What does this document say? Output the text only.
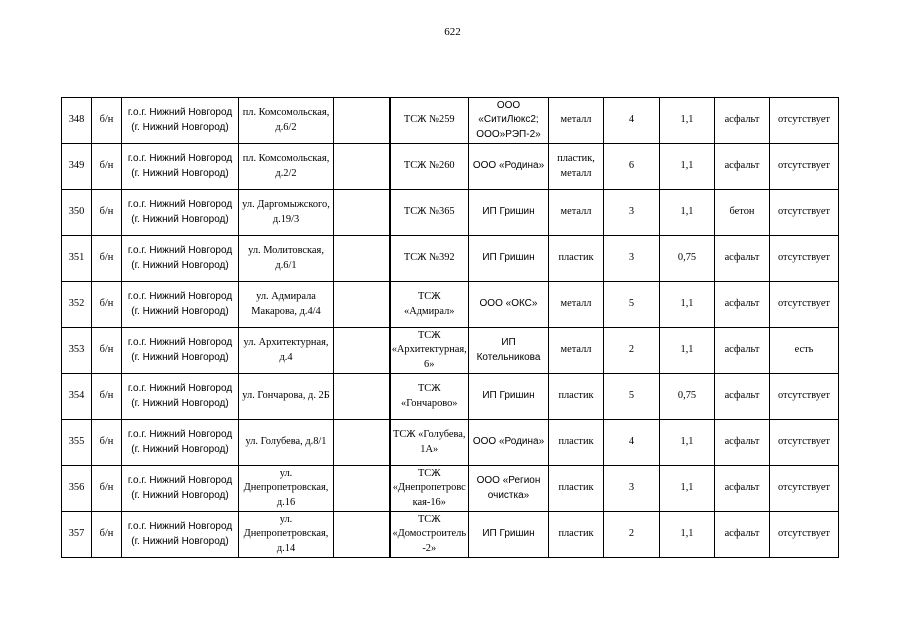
622
348	б/н	г.о.г. Нижний Новгород (г. Нижний Новгород)	пл. Комсомольская, д.6/2		ТСЖ №259	ООО «СитиЛюкс2; ООО»РЭП-2»	металл	4	1,1	асфальт	отсутствует
349	б/н	г.о.г. Нижний Новгород (г. Нижний Новгород)	пл. Комсомольская, д.2/2		ТСЖ №260	ООО «Родина»	пластик, металл	6	1,1	асфальт	отсутствует
350	б/н	г.о.г. Нижний Новгород (г. Нижний Новгород)	ул. Даргомыжского, д.19/3		ТСЖ №365	ИП Гришин	металл	3	1,1	бетон	отсутствует
351	б/н	г.о.г. Нижний Новгород (г. Нижний Новгород)	ул. Молитовская, д.6/1		ТСЖ №392	ИП Гришин	пластик	3	0,75	асфальт	отсутствует
352	б/н	г.о.г. Нижний Новгород (г. Нижний Новгород)	ул. Адмирала Макарова, д.4/4		ТСЖ «Адмирал»	ООО «ОКС»	металл	5	1,1	асфальт	отсутствует
353	б/н	г.о.г. Нижний Новгород (г. Нижний Новгород)	ул. Архитектурная, д.4		ТСЖ «Архитектурная, 6»	ИП Котельникова	металл	2	1,1	асфальт	есть
354	б/н	г.о.г. Нижний Новгород (г. Нижний Новгород)	ул. Гончарова, д. 2Б		ТСЖ «Гончарово»	ИП Гришин	пластик	5	0,75	асфальт	отсутствует
355	б/н	г.о.г. Нижний Новгород (г. Нижний Новгород)	ул. Голубева, д.8/1		ТСЖ «Голубева, 1А»	ООО «Родина»	пластик	4	1,1	асфальт	отсутствует
356	б/н	г.о.г. Нижний Новгород (г. Нижний Новгород)	ул. Днепропетровская, д.16		ТСЖ «Днепропетровская-16»	ООО «Регион очистка»	пластик	3	1,1	асфальт	отсутствует
357	б/н	г.о.г. Нижний Новгород (г. Нижний Новгород)	ул. Днепропетровская, д.14		ТСЖ «Домостроитель-2»	ИП Гришин	пластик	2	1,1	асфальт	отсутствует
